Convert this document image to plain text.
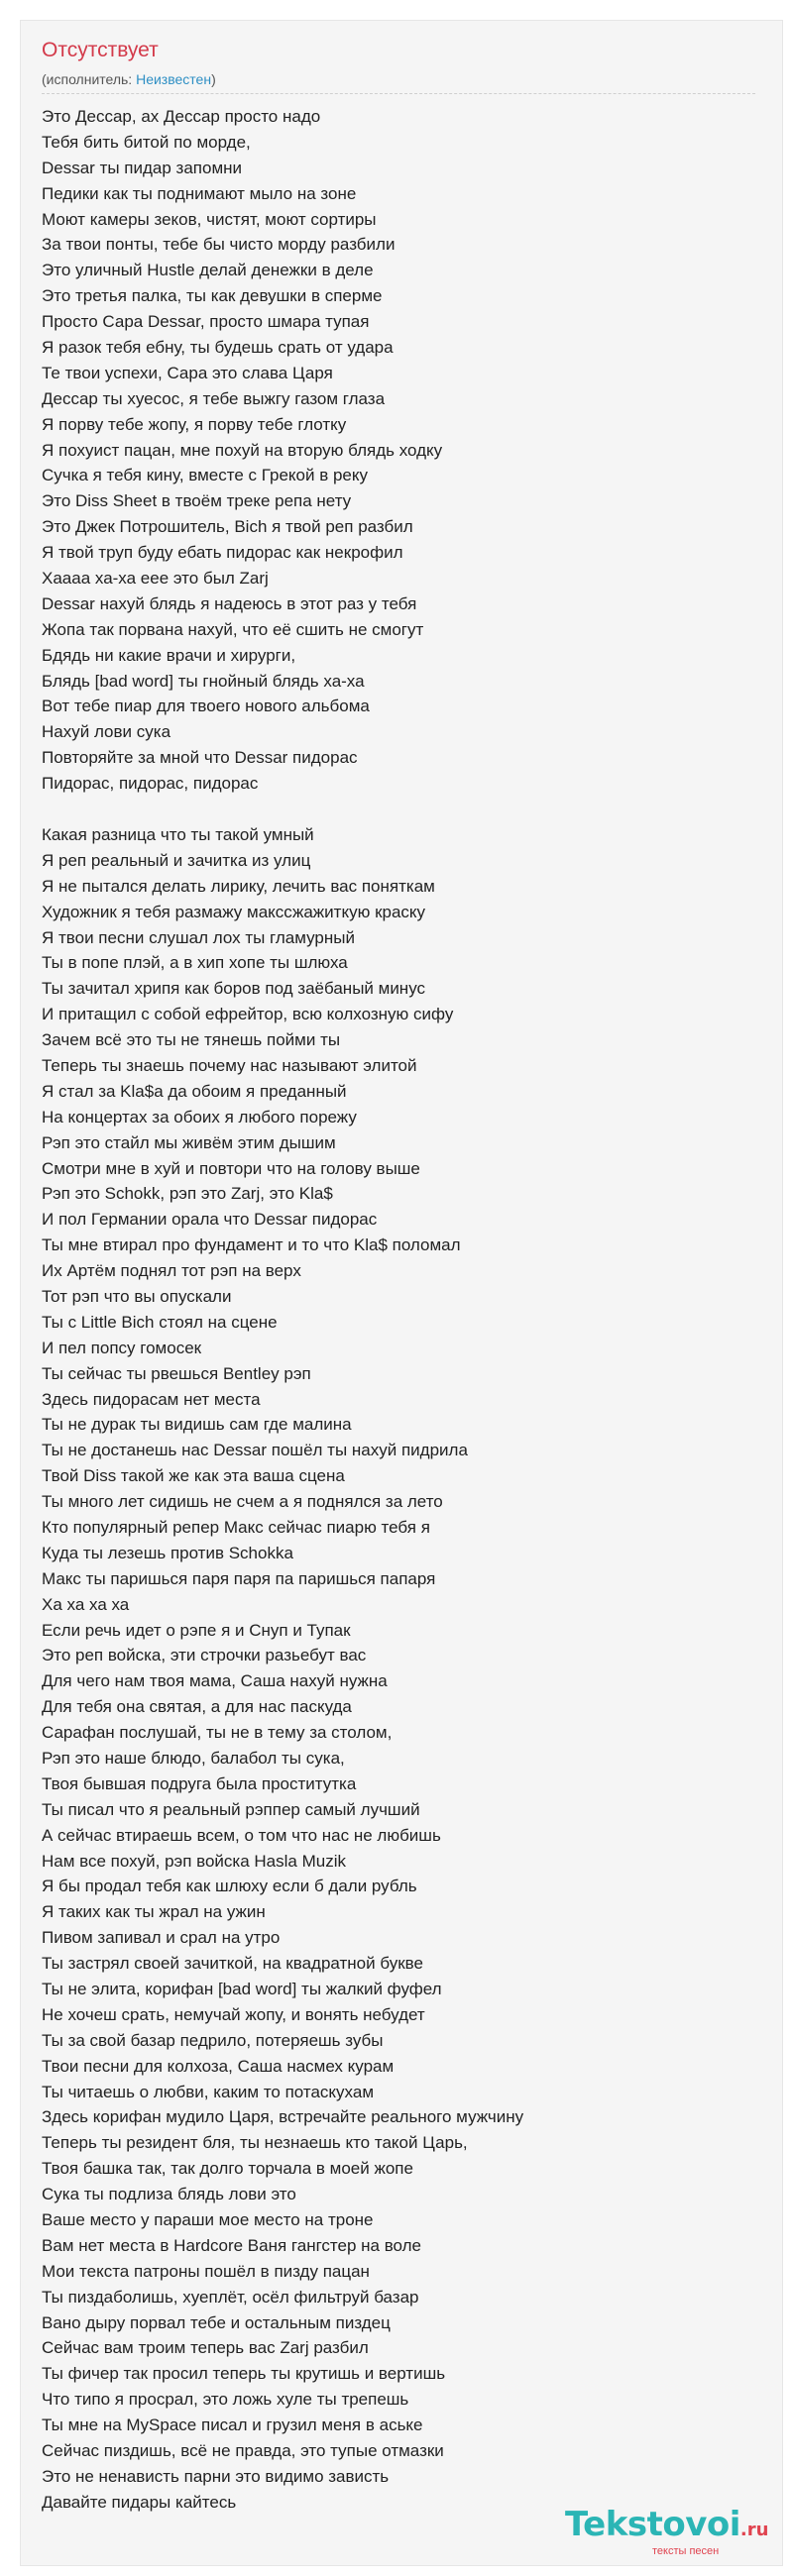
Отсутствует
(исполнитель: Неизвестен)
Это Дессар, ах Дессар просто надо
Тебя бить битой по морде,
Dessar ты пидар запомни
Педики как ты поднимают мыло на зоне
Моют камеры зеков, чистят, моют сортиры
За твои понты, тебе бы чисто морду разбили
Это уличный Hustle делай денежки в деле
Это третья палка, ты как девушки в сперме
Просто Сара Dessar, просто шмара тупая
Я разок тебя ебну, ты будешь срать от удара
Те твои успехи, Сара это слава Царя
Дессар ты хуесос, я тебе выжгу газом глаза
Я порву тебе жопу, я порву тебе глотку
Я похуист пацан, мне похуй на вторую блядь ходку
Сучка я тебя кину, вместе с Грекой в реку
Это Diss Sheet в твоём треке репа нету
Это Джек Потрошитель, Bich я твой реп разбил
Я твой труп буду ебать пидорас как некрофил
Хаааа ха-ха еее это был Zarj
Dessar нахуй блядь я надеюсь в этот раз у тебя
Жопа так порвана нахуй, что её сшить не смогут
Бдядь ни какие врачи и хирурги,
Блядь [bad word] ты гнойный блядь ха-ха
Вот тебе пиар для твоего нового альбома
Нахуй лови сука
Повторяйте за мной что Dessar пидорас
Пидорас, пидорас, пидорас
Какая разница что ты такой умный
Я реп реальный и зачитка из улиц
Я не пытался делать лирику, лечить вас поняткам
Художник я тебя размажу макссжажиткую краску
Я твои песни слушал лох ты гламурный
Ты в попе плэй, а в хип хопе ты шлюха
Ты зачитал хрипя как боров под заёбаный минус
И притащил с собой ефрейтор, всю колхозную сифу
Зачем всё это ты не тянешь пойми ты
Теперь ты знаешь почему нас называют элитой
Я стал за Kla$a да обоим я преданный
На концертах за обоих я любого порежу
Рэп это стайл мы живём этим дышим
Смотри мне в хуй и повтори что на голову выше
Рэп это Schokk, рэп это Zarj, это Kla$
И пол Германии орала что Dessar пидорас
Ты мне втирал про фундамент и то что Kla$ поломал
Их Артём поднял тот рэп на верх
Тот рэп что вы опускали
Ты с Little Bich стоял на сцене
И пел попсу гомосек
Ты сейчас ты рвешься Bentley рэп
Здесь пидорасам нет места
Ты не дурак ты видишь сам где малина
Ты не достанешь нас Dessar пошёл ты нахуй пидрила
Твой Diss такой же как эта ваша сцена
Ты много лет сидишь не счем а я поднялся за лето
Кто популярный репер Макс сейчас пиарю тебя я
Куда ты лезешь против Schokka
Макс ты паришься паря паря па паришься папаря
Ха ха ха ха
Если речь идет о рэпе я и Снуп и Тупак
Это реп войска, эти строчки разьебут вас
Для чего нам твоя мама, Саша нахуй нужна
Для тебя она святая, а для нас паскуда
Сарафан послушай, ты не в тему за столом,
Рэп это наше блюдо, балабол ты сука,
Твоя бывшая подруга была проститутка
Ты писал что я реальный рэппер самый лучший
А сейчас втираешь всем, о том что нас не любишь
Нам все похуй, рэп войска Hasla Muzik
Я бы продал тебя как шлюху если б дали рубль
Я таких как ты жрал на ужин
Пивом запивал и срал на утро
Ты застрял своей зачиткой, на квадратной букве
Ты не элита, корифан [bad word] ты жалкий фуфел
Не хочеш срать, немучай жопу, и вонять небудет
Ты за свой базар педрило, потеряешь зубы
Твои песни для колхоза, Саша насмех курам
Ты читаешь о любви, каким то потаскухам
Здесь корифан мудило Царя, встречайте реального мужчину
Теперь ты резидент бля, ты незнаешь кто такой Царь,
Твоя башка так, так долго торчала в моей жопе
Сука ты подлиза блядь лови это
Ваше место у параши мое место на троне
Вам нет места в Hardcore Ваня гангстер на воле
Мои текста патроны пошёл в пизду пацан
Ты пиздаболишь, хуеплёт, осёл фильтруй базар
Вано дыру порвал тебе и остальным пиздец
Сейчас вам троим теперь вас Zarj разбил
Ты фичер так просил теперь ты крутишь и вертишь
Что типо я просрал, это ложь хуле ты трепешь
Ты мне на MySpace писал и грузил меня в аське
Сейчас пиздишь, всё не правда, это тупые отмазки
Это не ненависть парни это видимо зависть
Давайте пидары кайтесь
Tekstovoi.ru
тексты песен
